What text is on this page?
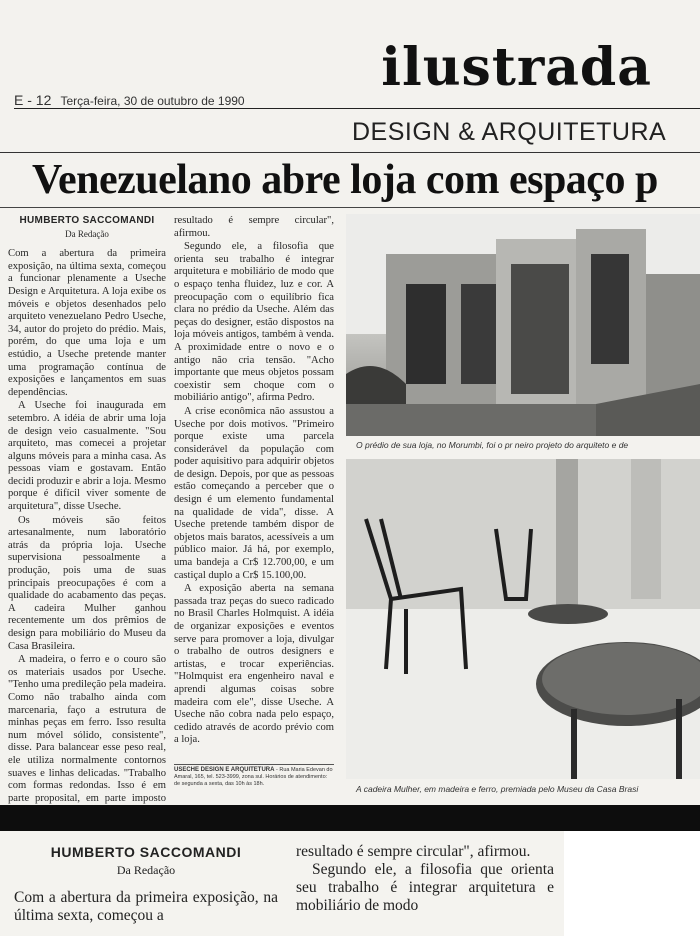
ilustrada
E - 12 Terça-feira, 30 de outubro de 1990
DESIGN & ARQUITETURA
Venezuelano abre loja com espaço p
HUMBERTO SACCOMANDI
Da Redação

Com a abertura da primeira exposição, na última sexta, começou a funcionar plenamente a Useche Design e Arquitetura. A loja exibe os móveis e objetos desenhados pelo arquiteto venezuelano Pedro Useche, 34, autor do projeto do prédio. Mais, porém, do que uma loja e um estúdio, a Useche pretende manter uma programação contínua de exposições e lançamentos em suas dependências.

A Useche foi inaugurada em setembro. A idéia de abrir uma loja de design veio casualmente. "Sou arquiteto, mas comecei a projetar alguns móveis para a minha casa. As pessoas viam e gostavam. Então decidi produzir e abrir a loja. Mesmo porque é difícil viver somente de arquitetura", disse Useche.

Os móveis são feitos artesanalmente, num laboratório atrás da própria loja. Useche supervisiona pessoalmente a produção, pois uma de suas principais preocupações é com a qualidade do acabamento das peças. A cadeira Mulher ganhou recentemente um dos prêmios de design para mobiliário do Museu da Casa Brasileira.

A madeira, o ferro e o couro são os materiais usados por Useche. "Tenho uma predileção pela madeira. Como não trabalho ainda com marcenaria, faço a estrutura de minhas peças em ferro. Isso resulta num móvel sólido, consistente", disse. Para balancear esse peso real, ele utiliza normalmente contornos suaves e linhas delicadas. "Trabalho com formas redondas. Isso é em parte proposital, em parte imposto

resultado é sempre circular", afirmou.

Segundo ele, a filosofia que orienta seu trabalho é integrar arquitetura e mobiliário de modo que o espaço tenha fluidez, luz e cor. A preocupação com o equilíbrio fica clara no prédio da Useche. Além das peças do designer, estão dispostos na loja móveis antigos, também à venda. A proximidade entre o novo e o antigo não cria tensão. "Acho importante que meus objetos possam coexistir sem choque com o mobiliário antigo", afirma Pedro.

A crise econômica não assustou a Useche por dois motivos. "Primeiro porque existe uma parcela considerável da população com poder aquisitivo para adquirir objetos de design. Depois, por que as pessoas estão começando a perceber que o design é um elemento fundamental na qualidade de vida", disse. A Useche pretende também dispor de objetos mais baratos, acessíveis a um público maior. Já há, por exemplo, uma bandeja a Cr$ 12.700,00, e um castiçal duplo a Cr$ 15.100,00.

A exposição aberta na semana passada traz peças do sueco radicado no Brasil Charles Holmquist. A idéia de organizar exposições e eventos serve para promover a loja, divulgar o trabalho de outros designers e artistas, e trocar experiências. "Holmquist era engenheiro naval e aprendi algumas coisas sobre madeira com ele", disse Useche. A Useche não cobra nada pelo espaço, cedido através de acordo prévio com a loja.

USECHE DESIGN E ARQUITETURA - Rua Maria Edevan do Amaral, 165, tel. 523-3999, zona sul. Horários de atendimento: de segunda a sexta, das 10h às 18h.
O prédio de sua loja, no Morumbi, foi o pr neiro projeto do arquiteto e de
A cadeira Mulher, em madeira e ferro, premiada pelo Museu da Casa Brasi
HUMBERTO SACCOMANDI
Da Redação

Com a abertura da primeira exposição, na última sexta, começou a

resultado é sempre circular", afirmou.

Segundo ele, a filosofia que orienta seu trabalho é integrar arquitetura e mobiliário de modo
